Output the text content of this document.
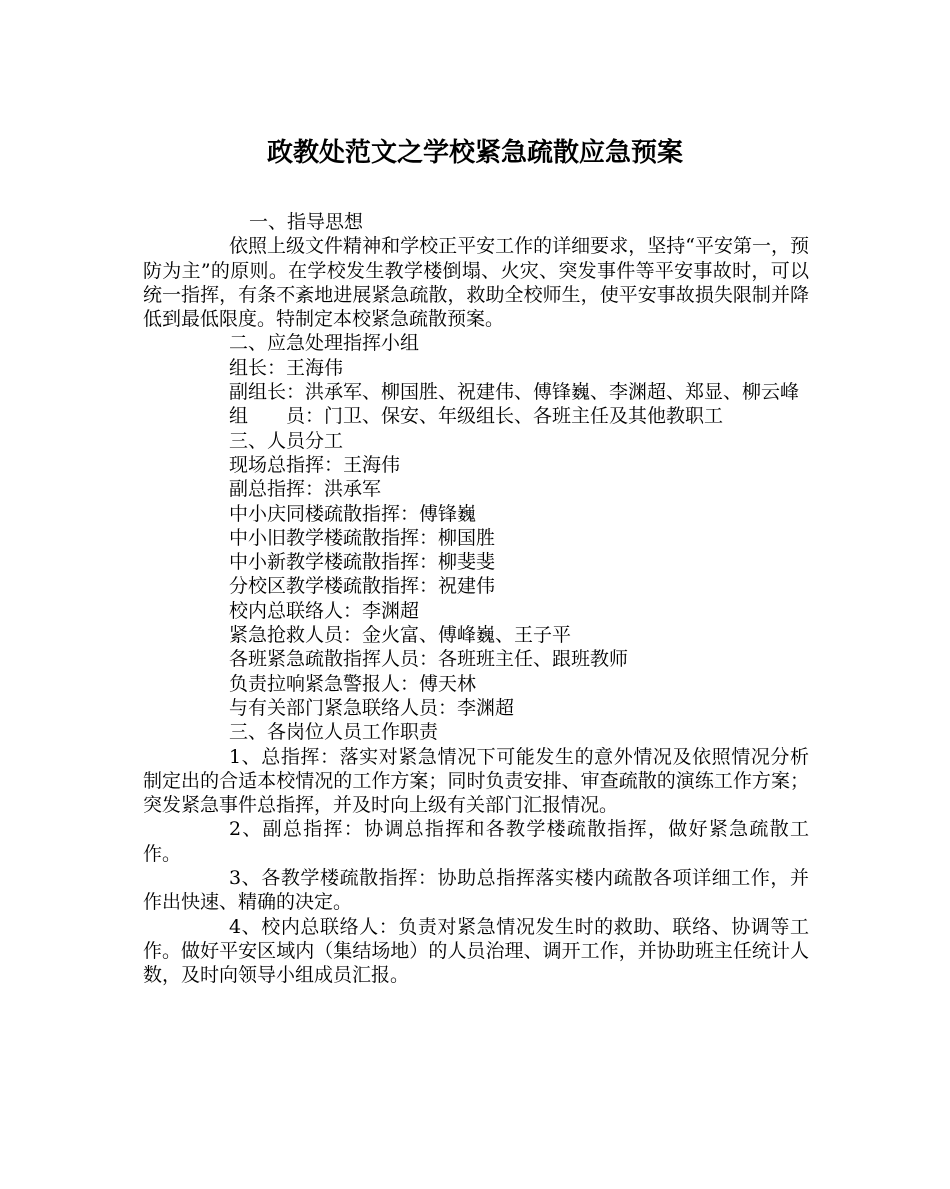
政教处范文之学校紧急疏散应急预案

一、指导思想

依照上级文件精神和学校正平安工作的详细要求，坚持“平安第一，预防为主”的原则。在学校发生教学楼倒塌、火灾、突发事件等平安事故时，可以统一指挥，有条不紊地进展紧急疏散，救助全校师生，使平安事故损失限制并降低到最低限度。特制定本校紧急疏散预案。

二、应急处理指挥小组

组长：王海伟

副组长：洪承军、柳国胜、祝建伟、傅锋巍、李渊超、郑显、柳云峰

组　　员：门卫、保安、年级组长、各班主任及其他教职工

三、人员分工

现场总指挥：王海伟

副总指挥：洪承军

中小庆同楼疏散指挥：傅锋巍

中小旧教学楼疏散指挥：柳国胜

中小新教学楼疏散指挥：柳斐斐

分校区教学楼疏散指挥：祝建伟

校内总联络人：李渊超

紧急抢救人员：金火富、傅峰巍、王子平

各班紧急疏散指挥人员：各班班主任、跟班教师

负责拉响紧急警报人：傅天林

与有关部门紧急联络人员：李渊超

三、各岗位人员工作职责

1、总指挥：落实对紧急情况下可能发生的意外情况及依照情况分析制定出的合适本校情况的工作方案；同时负责安排、审查疏散的演练工作方案；突发紧急事件总指挥，并及时向上级有关部门汇报情况。

2、副总指挥：协调总指挥和各教学楼疏散指挥，做好紧急疏散工作。

3、各教学楼疏散指挥：协助总指挥落实楼内疏散各项详细工作，并作出快速、精确的决定。

4、校内总联络人：负责对紧急情况发生时的救助、联络、协调等工作。做好平安区域内（集结场地）的人员治理、调开工作，并协助班主任统计人数，及时向领导小组成员汇报。
